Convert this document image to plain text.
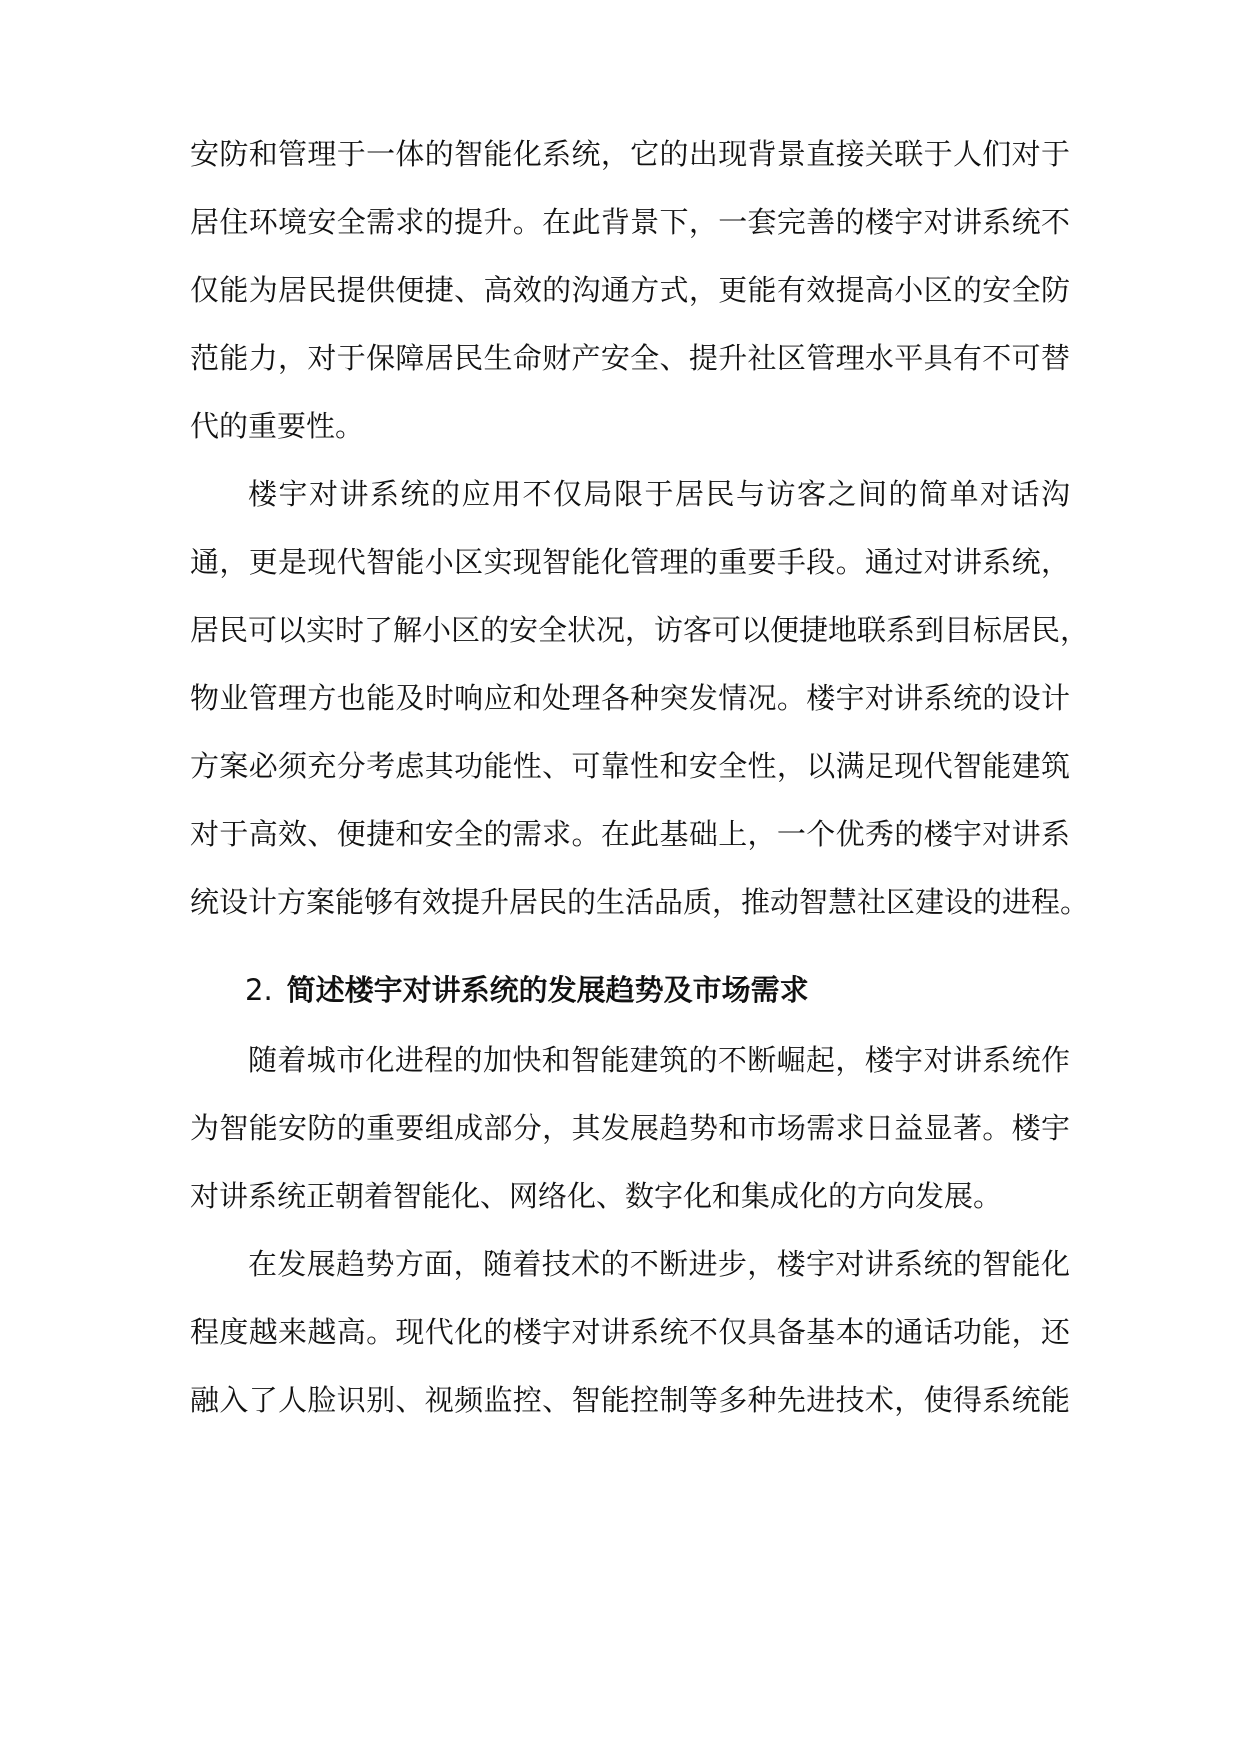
安防和管理于一体的智能化系统，它的出现背景直接关联于人们对于
居住环境安全需求的提升。在此背景下，一套完善的楼宇对讲系统不
仅能为居民提供便捷、高效的沟通方式，更能有效提高小区的安全防
范能力，对于保障居民生命财产安全、提升社区管理水平具有不可替
代的重要性。
楼宇对讲系统的应用不仅局限于居民与访客之间的简单对话沟
通，更是现代智能小区实现智能化管理的重要手段。通过对讲系统，
居民可以实时了解小区的安全状况，访客可以便捷地联系到目标居民，
物业管理方也能及时响应和处理各种突发情况。楼宇对讲系统的设计
方案必须充分考虑其功能性、可靠性和安全性，以满足现代智能建筑
对于高效、便捷和安全的需求。在此基础上，一个优秀的楼宇对讲系
统设计方案能够有效提升居民的生活品质，推动智慧社区建设的进程。
2. 简述楼宇对讲系统的发展趋势及市场需求
随着城市化进程的加快和智能建筑的不断崛起，楼宇对讲系统作
为智能安防的重要组成部分，其发展趋势和市场需求日益显著。楼宇
对讲系统正朝着智能化、网络化、数字化和集成化的方向发展。
在发展趋势方面，随着技术的不断进步，楼宇对讲系统的智能化
程度越来越高。现代化的楼宇对讲系统不仅具备基本的通话功能，还
融入了人脸识别、视频监控、智能控制等多种先进技术，使得系统能
